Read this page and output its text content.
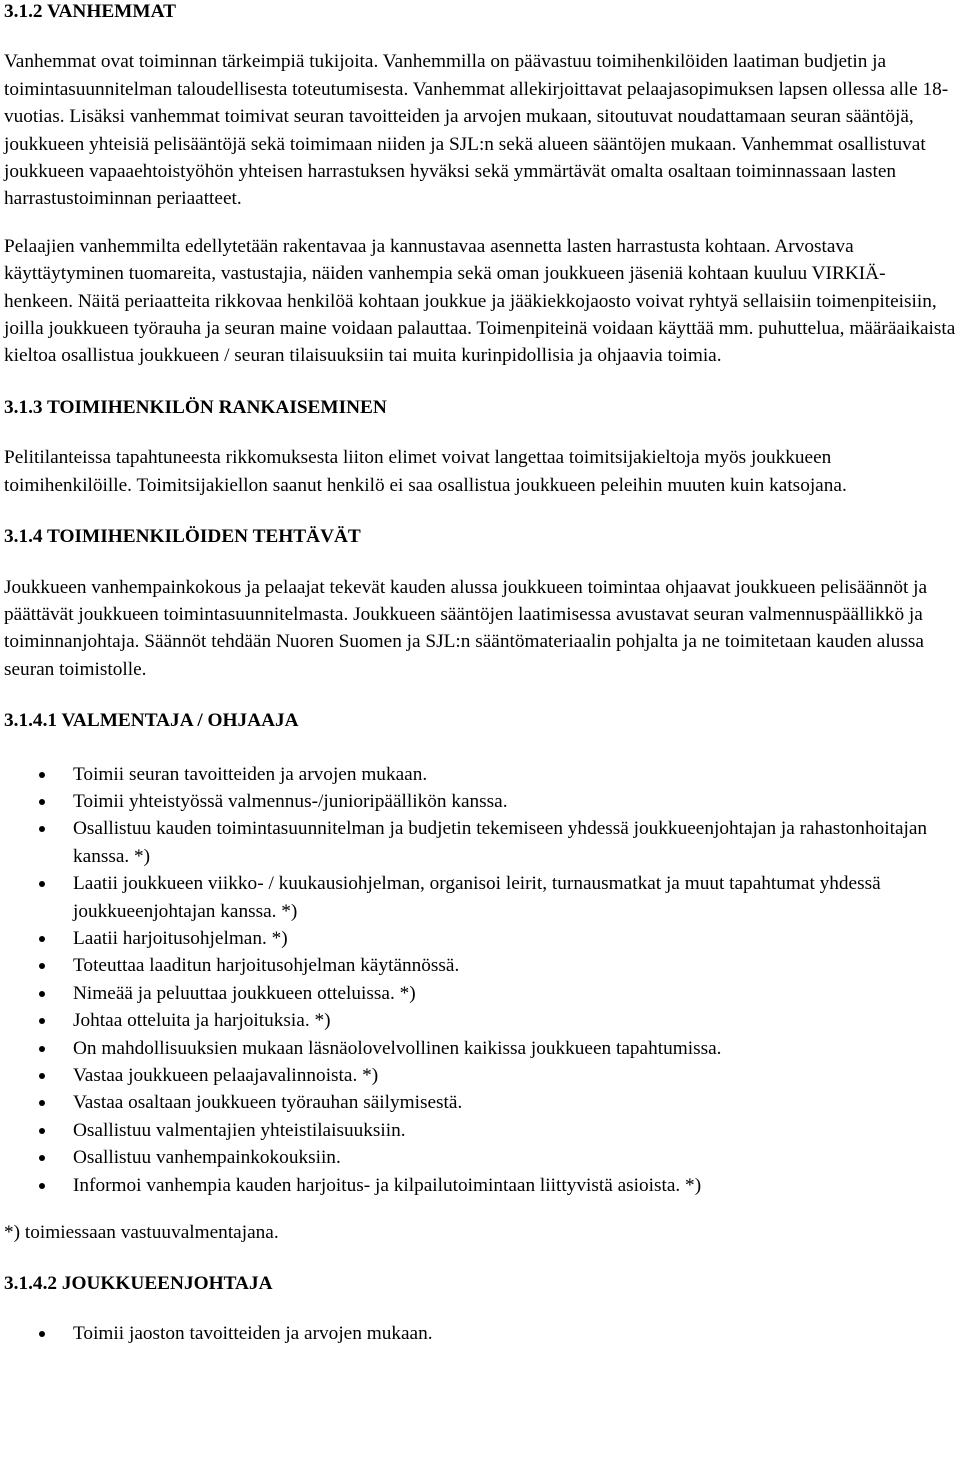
3.1.2 VANHEMMAT

Vanhemmat ovat toiminnan tärkeimpiä tukijoita. Vanhemmilla on päävastuu toimihenkilöiden laatiman budjetin ja toimintasuunnitelman taloudellisesta toteutumisesta. Vanhemmat allekirjoittavat pelaajasopimuksen lapsen ollessa alle 18-vuotias. Lisäksi vanhemmat toimivat seuran tavoitteiden ja arvojen mukaan, sitoutuvat noudattamaan seuran sääntöjä, joukkueen yhteisiä pelisääntöjä sekä toimimaan niiden ja SJL:n sekä alueen sääntöjen mukaan. Vanhemmat osallistuvat joukkueen vapaaehtoistyöhön yhteisen harrastuksen hyväksi sekä ymmärtävät omalta osaltaan toiminnassaan lasten harrastustoiminnan periaatteet.

Pelaajien vanhemmilta edellytetään rakentavaa ja kannustavaa asennetta lasten harrastusta kohtaan. Arvostava käyttäytyminen tuomareita, vastustajia, näiden vanhempia sekä oman joukkueen jäseniä kohtaan kuuluu VIRKIÄ- henkeen. Näitä periaatteita rikkovaa henkilöä kohtaan joukkue ja jääkiekkojaosto voivat ryhtyä sellaisiin toimenpiteisiin, joilla joukkueen työrauha ja seuran maine voidaan palauttaa. Toimenpiteinä voidaan käyttää mm. puhuttelua, määräaikaista kieltoa osallistua joukkueen / seuran tilaisuuksiin tai muita kurinpidollisia ja ohjaavia toimia.

3.1.3 TOIMIHENKILÖN RANKAISEMINEN

Pelitilanteissa tapahtuneesta rikkomuksesta liiton elimet voivat langettaa toimitsijakieltoja myös joukkueen toimihenkilöille. Toimitsijakiellon saanut henkilö ei saa osallistua joukkueen peleihin muuten kuin katsojana.

3.1.4 TOIMIHENKILÖIDEN TEHTÄVÄT

Joukkueen vanhempainkokous ja pelaajat tekevät kauden alussa joukkueen toimintaa ohjaavat joukkueen pelisäännöt ja päättävät joukkueen toimintasuunnitelmasta. Joukkueen sääntöjen laatimisessa avustavat seuran valmennuspäällikkö ja toiminnanjohtaja. Säännöt tehdään Nuoren Suomen ja SJL:n sääntömateriaalin pohjalta ja ne toimitetaan kauden alussa seuran toimistolle.

3.1.4.1 VALMENTAJA / OHJAAJA
Toimii seuran tavoitteiden ja arvojen mukaan.
Toimii yhteistyössä valmennus-/junioripäällikön kanssa.
Osallistuu kauden toimintasuunnitelman ja budjetin tekemiseen yhdessä joukkueenjohtajan ja rahastonhoitajan kanssa. *)
Laatii joukkueen viikko- / kuukausiohjelman, organisoi leirit, turnausmatkat ja muut tapahtumat yhdessä joukkueenjohtajan kanssa. *)
Laatii harjoitusohjelman. *)
Toteuttaa laaditun harjoitusohjelman käytännössä.
Nimeää ja peluuttaa joukkueen otteluissa. *)
Johtaa otteluita ja harjoituksia. *)
On mahdollisuuksien mukaan läsnäolovelvollinen kaikissa joukkueen tapahtumissa.
Vastaa joukkueen pelaajavalinnoista. *)
Vastaa osaltaan joukkueen työrauhan säilymisestä.
Osallistuu valmentajien yhteistilaisuuksiin.
Osallistuu vanhempainkokouksiin.
Informoi vanhempia kauden harjoitus- ja kilpailutoimintaan liittyvistä asioista. *)

*) toimiessaan vastuuvalmentajana.

3.1.4.2 JOUKKUEENJOHTAJA
Toimii jaoston tavoitteiden ja arvojen mukaan.
